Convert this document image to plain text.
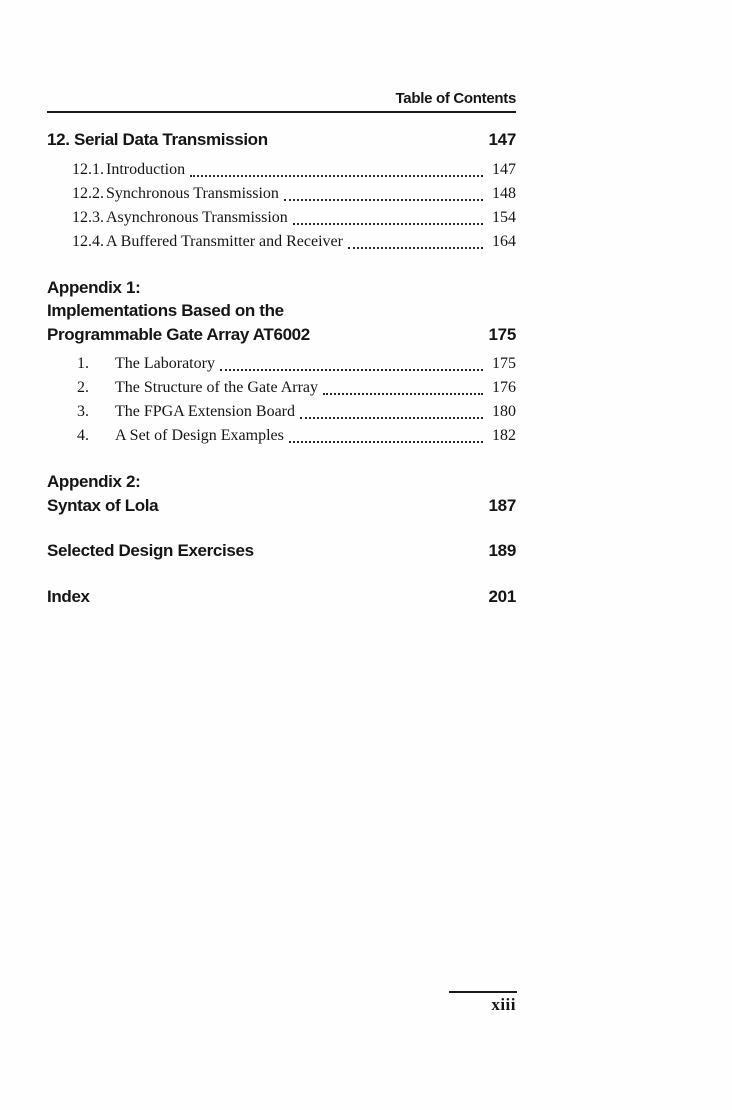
Table of Contents
12. Serial Data Transmission	147
12.1. Introduction	147
12.2. Synchronous Transmission	148
12.3. Asynchronous Transmission	154
12.4. A Buffered Transmitter and Receiver	164
Appendix 1:
Implementations Based on the
Programmable Gate Array AT6002	175
1.	The Laboratory	175
2.	The Structure of the Gate Array	176
3.	The FPGA Extension Board	180
4.	A Set of Design Examples	182
Appendix 2:
Syntax of Lola	187
Selected Design Exercises	189
Index	201
xiii
